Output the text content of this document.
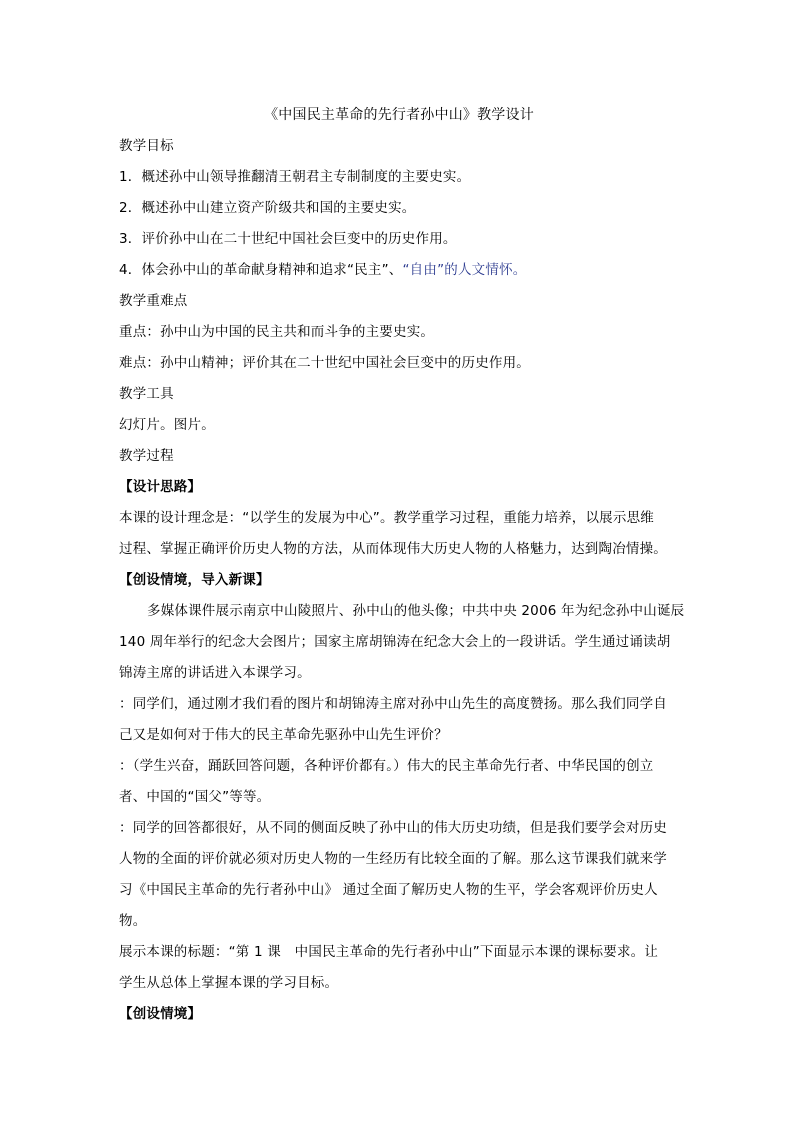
《中国民主革命的先行者孙中山》教学设计
教学目标
1．概述孙中山领导推翻清王朝君主专制制度的主要史实。
2．概述孙中山建立资产阶级共和国的主要史实。
3．评价孙中山在二十世纪中国社会巨变中的历史作用。
4．体会孙中山的革命献身精神和追求“民主”、“自由”的人文情怀。
教学重难点
重点：孙中山为中国的民主共和而斗争的主要史实。
难点：孙中山精神；评价其在二十世纪中国社会巨变中的历史作用。
教学工具
幻灯片。图片。
教学过程
【设计思路】
本课的设计理念是：“以学生的发展为中心”。教学重学习过程，重能力培养，以展示思维
过程、掌握正确评价历史人物的方法，从而体现伟大历史人物的人格魅力，达到陶冶情操。
【创设情境，导入新课】
多媒体课件展示南京中山陵照片、孙中山的他头像；中共中央 2006 年为纪念孙中山诞辰
140 周年举行的纪念大会图片；国家主席胡锦涛在纪念大会上的一段讲话。学生通过诵读胡
锦涛主席的讲话进入本课学习。
：同学们，通过刚才我们看的图片和胡锦涛主席对孙中山先生的高度赞扬。那么我们同学自
己又是如何对于伟大的民主革命先驱孙中山先生评价？
：（学生兴奋，踊跃回答问题，各种评价都有。）伟大的民主革命先行者、中华民国的创立
者、中国的“国父”等等。
：同学的回答都很好，从不同的侧面反映了孙中山的伟大历史功绩，但是我们要学会对历史
人物的全面的评价就必须对历史人物的一生经历有比较全面的了解。那么这节课我们就来学
习《中国民主革命的先行者孙中山》 通过全面了解历史人物的生平，学会客观评价历史人
物。
展示本课的标题：“第 1 课　中国民主革命的先行者孙中山”下面显示本课的课标要求。让
学生从总体上掌握本课的学习目标。
【创设情境】
